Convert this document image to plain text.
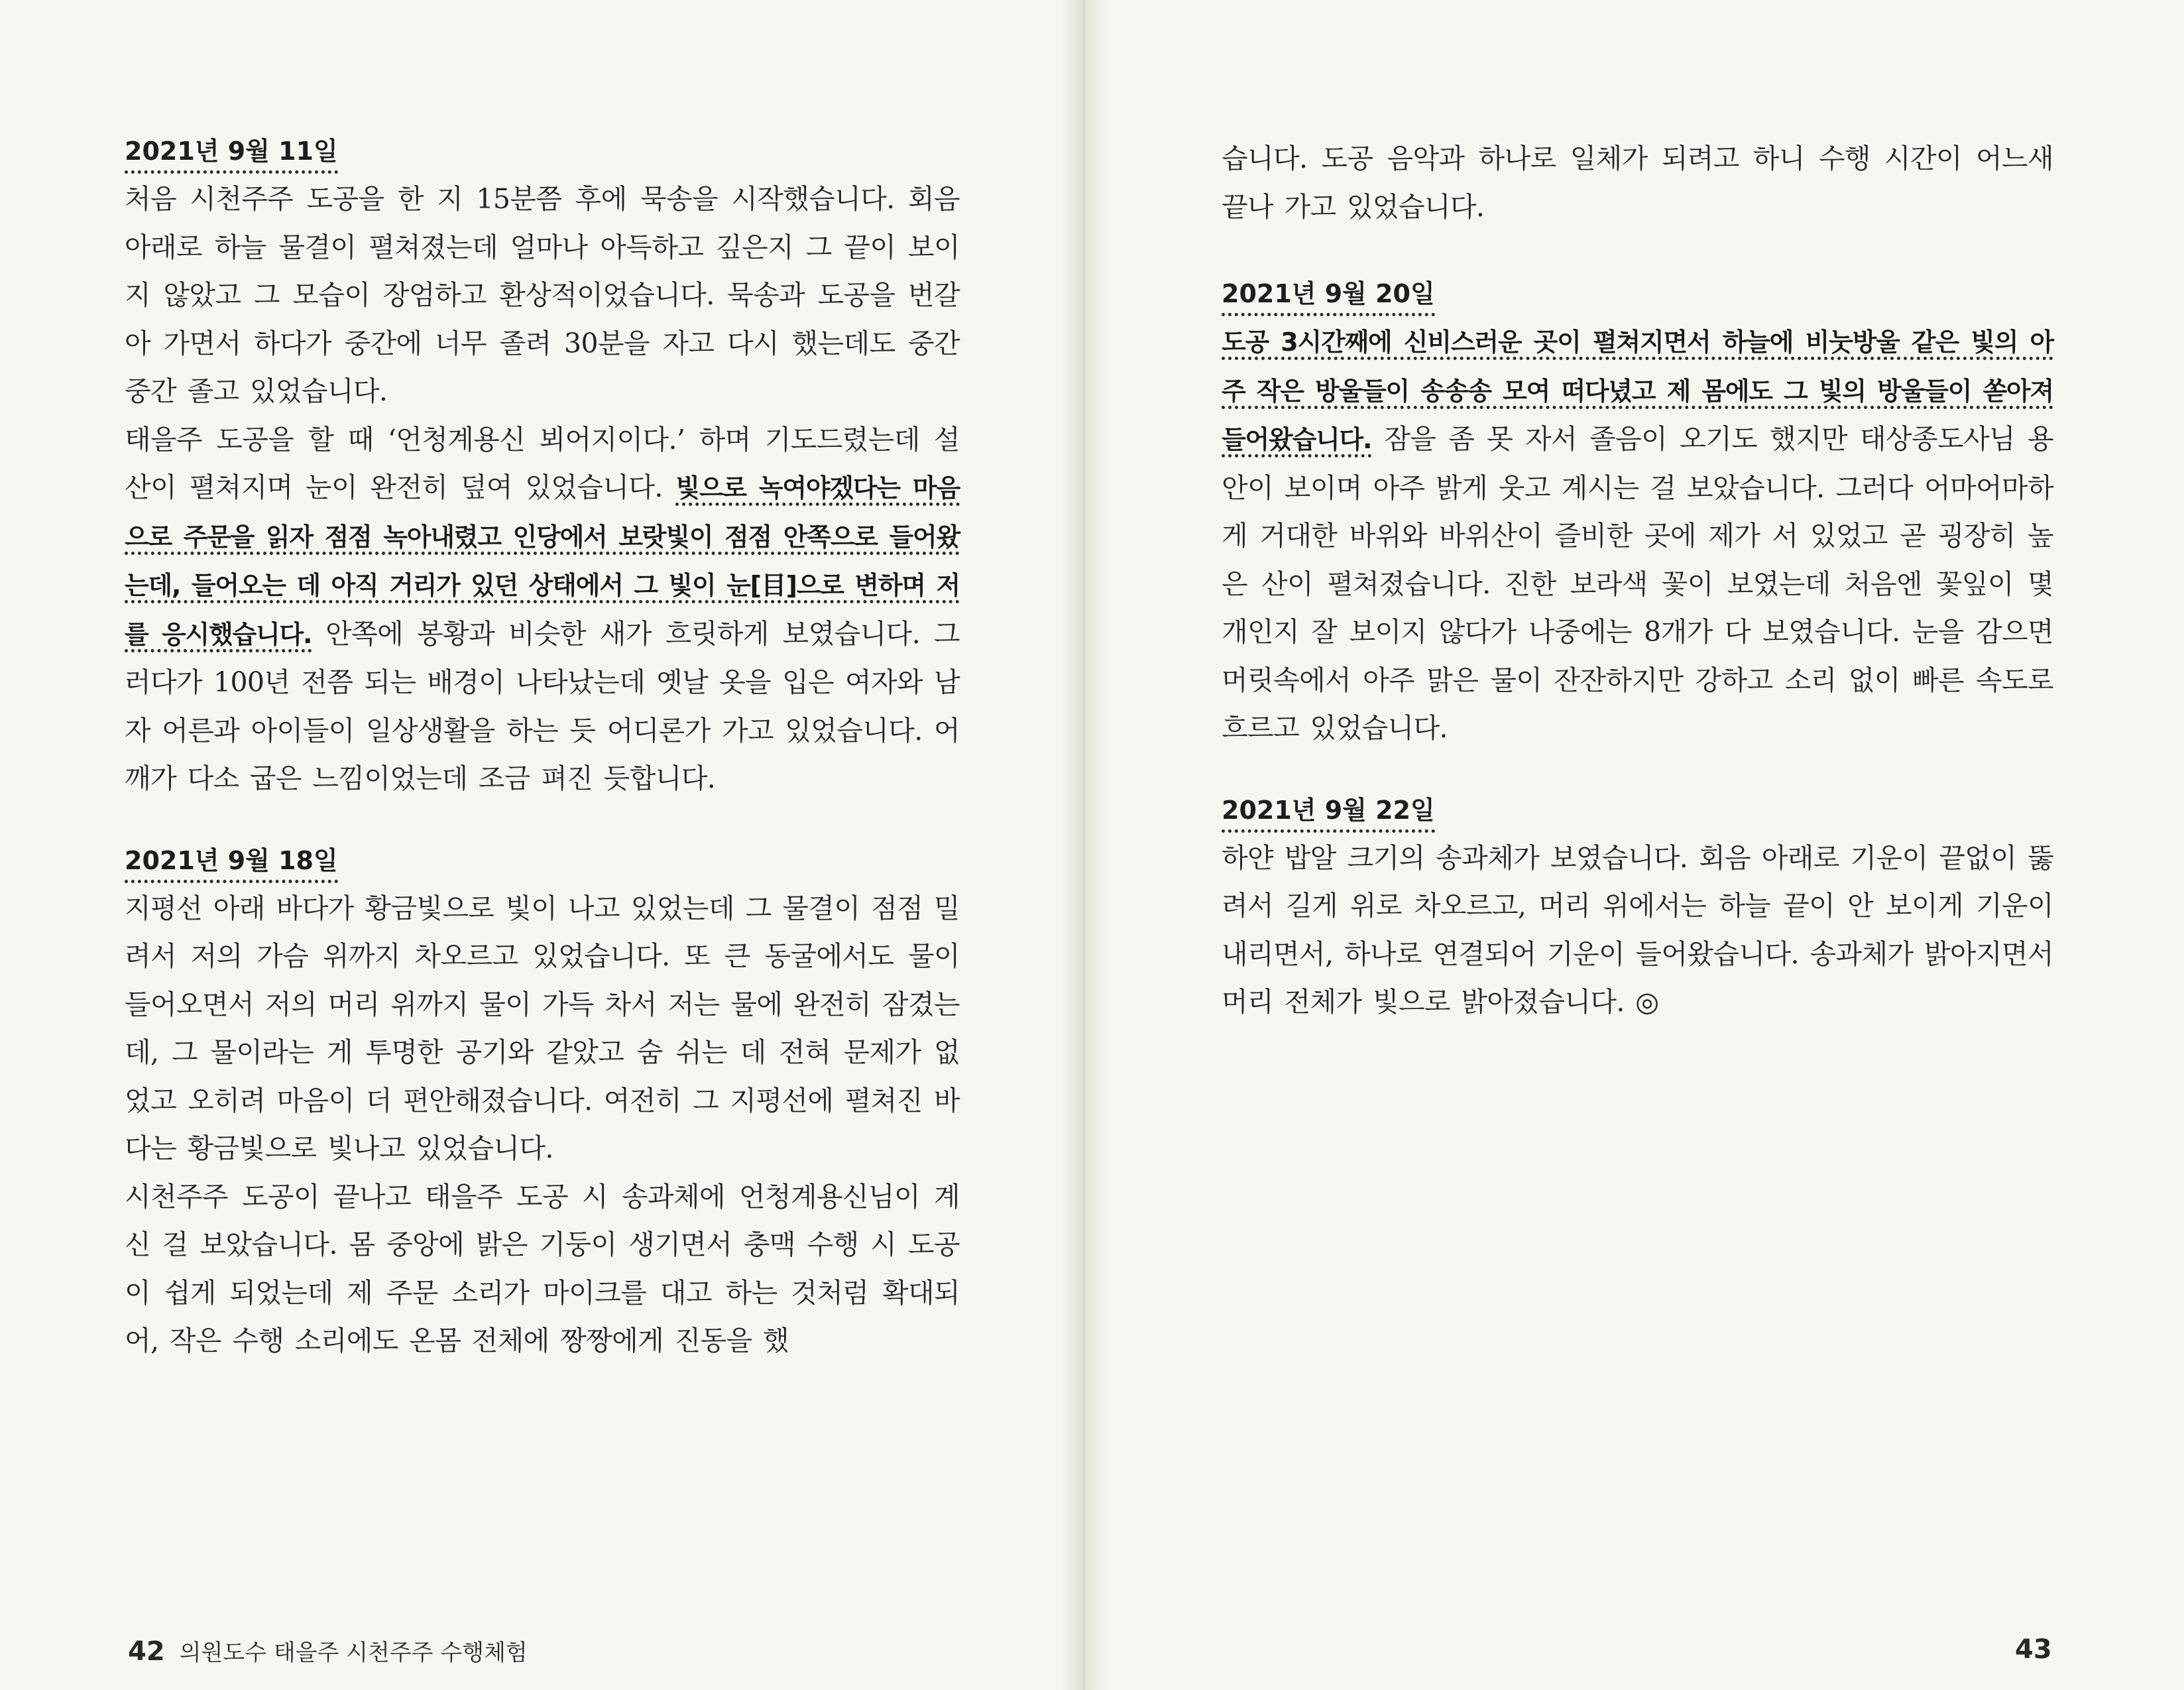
2021년 9월 11일

처음 시천주주 도공을 한 지 15분쯤 후에 묵송을 시작했습니다. 회음 아래로 하늘 물결이 펼쳐졌는데 얼마나 아득하고 깊은지 그 끝이 보이지 않았고 그 모습이 장엄하고 환상적이었습니다. 묵송과 도공을 번갈아 가면서 하다가 중간에 너무 졸려 30분을 자고 다시 했는데도 중간중간 졸고 있었습니다.

태을주 도공을 할 때 ‘언청계용신 뵈어지이다.’ 하며 기도드렸는데 설산이 펼쳐지며 눈이 완전히 덮여 있었습니다. 빛으로 녹여야겠다는 마음으로 주문을 읽자 점점 녹아내렸고 인당에서 보랏빛이 점점 안쪽으로 들어왔는데, 들어오는 데 아직 거리가 있던 상태에서 그 빛이 눈[目]으로 변하며 저를 응시했습니다. 안쪽에 봉황과 비슷한 새가 흐릿하게 보였습니다. 그러다가 100년 전쯤 되는 배경이 나타났는데 옛날 옷을 입은 여자와 남자 어른과 아이들이 일상생활을 하는 듯 어디론가 가고 있었습니다. 어깨가 다소 굽은 느낌이었는데 조금 펴진 듯합니다.

2021년 9월 18일

지평선 아래 바다가 황금빛으로 빛이 나고 있었는데 그 물결이 점점 밀려서 저의 가슴 위까지 차오르고 있었습니다. 또 큰 동굴에서도 물이 들어오면서 저의 머리 위까지 물이 가득 차서 저는 물에 완전히 잠겼는데, 그 물이라는 게 투명한 공기와 같았고 숨 쉬는 데 전혀 문제가 없었고 오히려 마음이 더 편안해졌습니다. 여전히 그 지평선에 펼쳐진 바다는 황금빛으로 빛나고 있었습니다.

시천주주 도공이 끝나고 태을주 도공 시 송과체에 언청계용신님이 계신 걸 보았습니다. 몸 중앙에 밝은 기둥이 생기면서 충맥 수행 시 도공이 쉽게 되었는데 제 주문 소리가 마이크를 대고 하는 것처럼 확대되어, 작은 수행 소리에도 온몸 전체에 짱짱에게 진동을 했

42 의원도수 태을주 시천주주 수행체험

습니다. 도공 음악과 하나로 일체가 되려고 하니 수행 시간이 어느새 끝나 가고 있었습니다.

2021년 9월 20일

도공 3시간째에 신비스러운 곳이 펼쳐지면서 하늘에 비눗방울 같은 빛의 아주 작은 방울들이 송송송 모여 떠다녔고 제 몸에도 그 빛의 방울들이 쏟아져 들어왔습니다. 잠을 좀 못 자서 졸음이 오기도 했지만 태상종도사님 용안이 보이며 아주 밝게 웃고 계시는 걸 보았습니다. 그러다 어마어마하게 거대한 바위와 바위산이 즐비한 곳에 제가 서 있었고 곧 굉장히 높은 산이 펼쳐졌습니다. 진한 보라색 꽃이 보였는데 처음엔 꽃잎이 몇 개인지 잘 보이지 않다가 나중에는 8개가 다 보였습니다. 눈을 감으면 머릿속에서 아주 맑은 물이 잔잔하지만 강하고 소리 없이 빠른 속도로 흐르고 있었습니다.

2021년 9월 22일

하얀 밥알 크기의 송과체가 보였습니다. 회음 아래로 기운이 끝없이 뚫려서 길게 위로 차오르고, 머리 위에서는 하늘 끝이 안 보이게 기운이 내리면서, 하나로 연결되어 기운이 들어왔습니다. 송과체가 밝아지면서 머리 전체가 빛으로 밝아졌습니다. ◎

43
